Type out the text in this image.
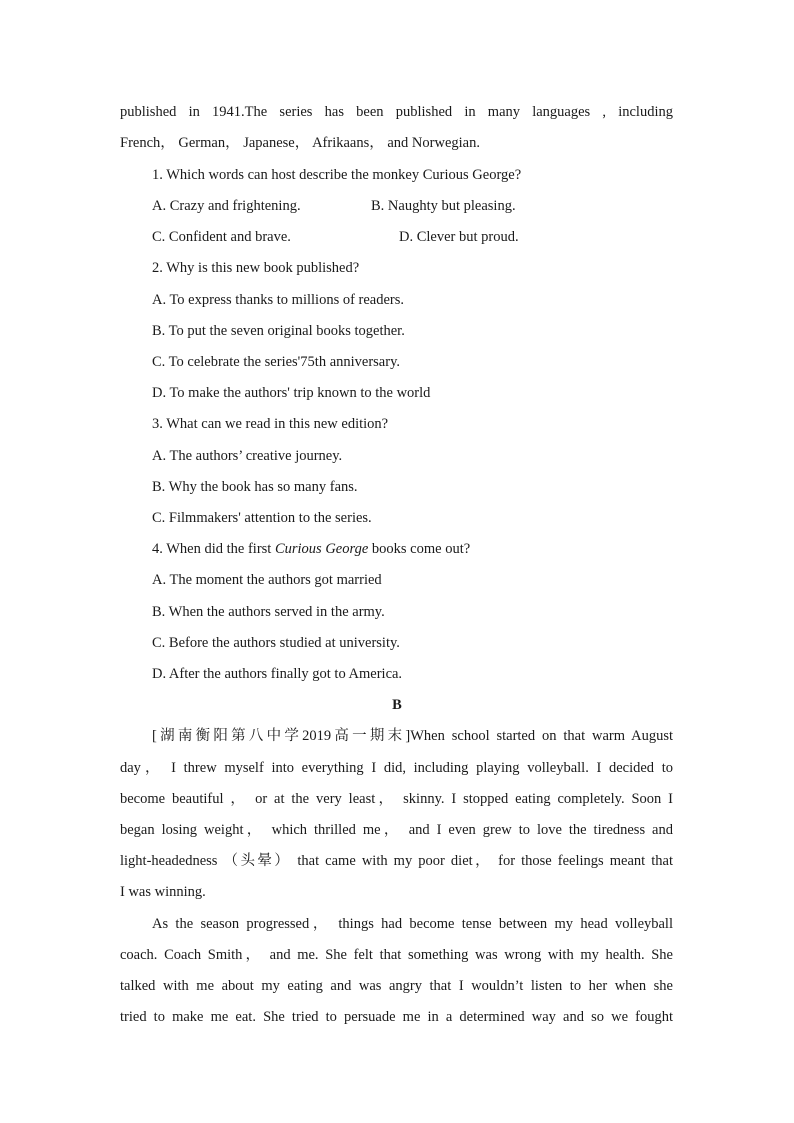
published in 1941.The series has been published in many languages , including
French， German， Japanese， Afrikaans， and Norwegian.
1. Which words can host describe the monkey Curious George?
A. Crazy and frightening.	B. Naughty but pleasing.
C. Confident and brave.	D. Clever but proud.
2. Why is this new book published?
A. To express thanks to millions of readers.
B. To put the seven original books together.
C. To celebrate the series'75th anniversary.
D. To make the authors' trip known to the world
3. What can we read in this new edition?
A. The authors’ creative journey.
B. Why the book has so many fans.
C. Filmmakers' attention to the series.
4. When did the first Curious George books come out?
A. The moment the authors got married
B. When the authors served in the army.
C. Before the authors studied at university.
D. After the authors finally got to America.
B
[湖南衡阳第八中学2019高一期末]When school started on that warm August
day， I threw myself into everything I did, including playing volleyball. I decided to
become beautiful ， or at the very least， skinny. I stopped eating completely. Soon I
began losing weight， which thrilled me， and I even grew to love the tiredness and
light-headedness （头晕） that came with my poor diet， for those feelings meant that
I was winning.
As the season progressed， things had become tense between my head volleyball
coach. Coach Smith， and me. She felt that something was wrong with my health. She
talked with me about my eating and was angry that I wouldn’t listen to her when she
tried to make me eat. She tried to persuade me in a determined way and so we fought
